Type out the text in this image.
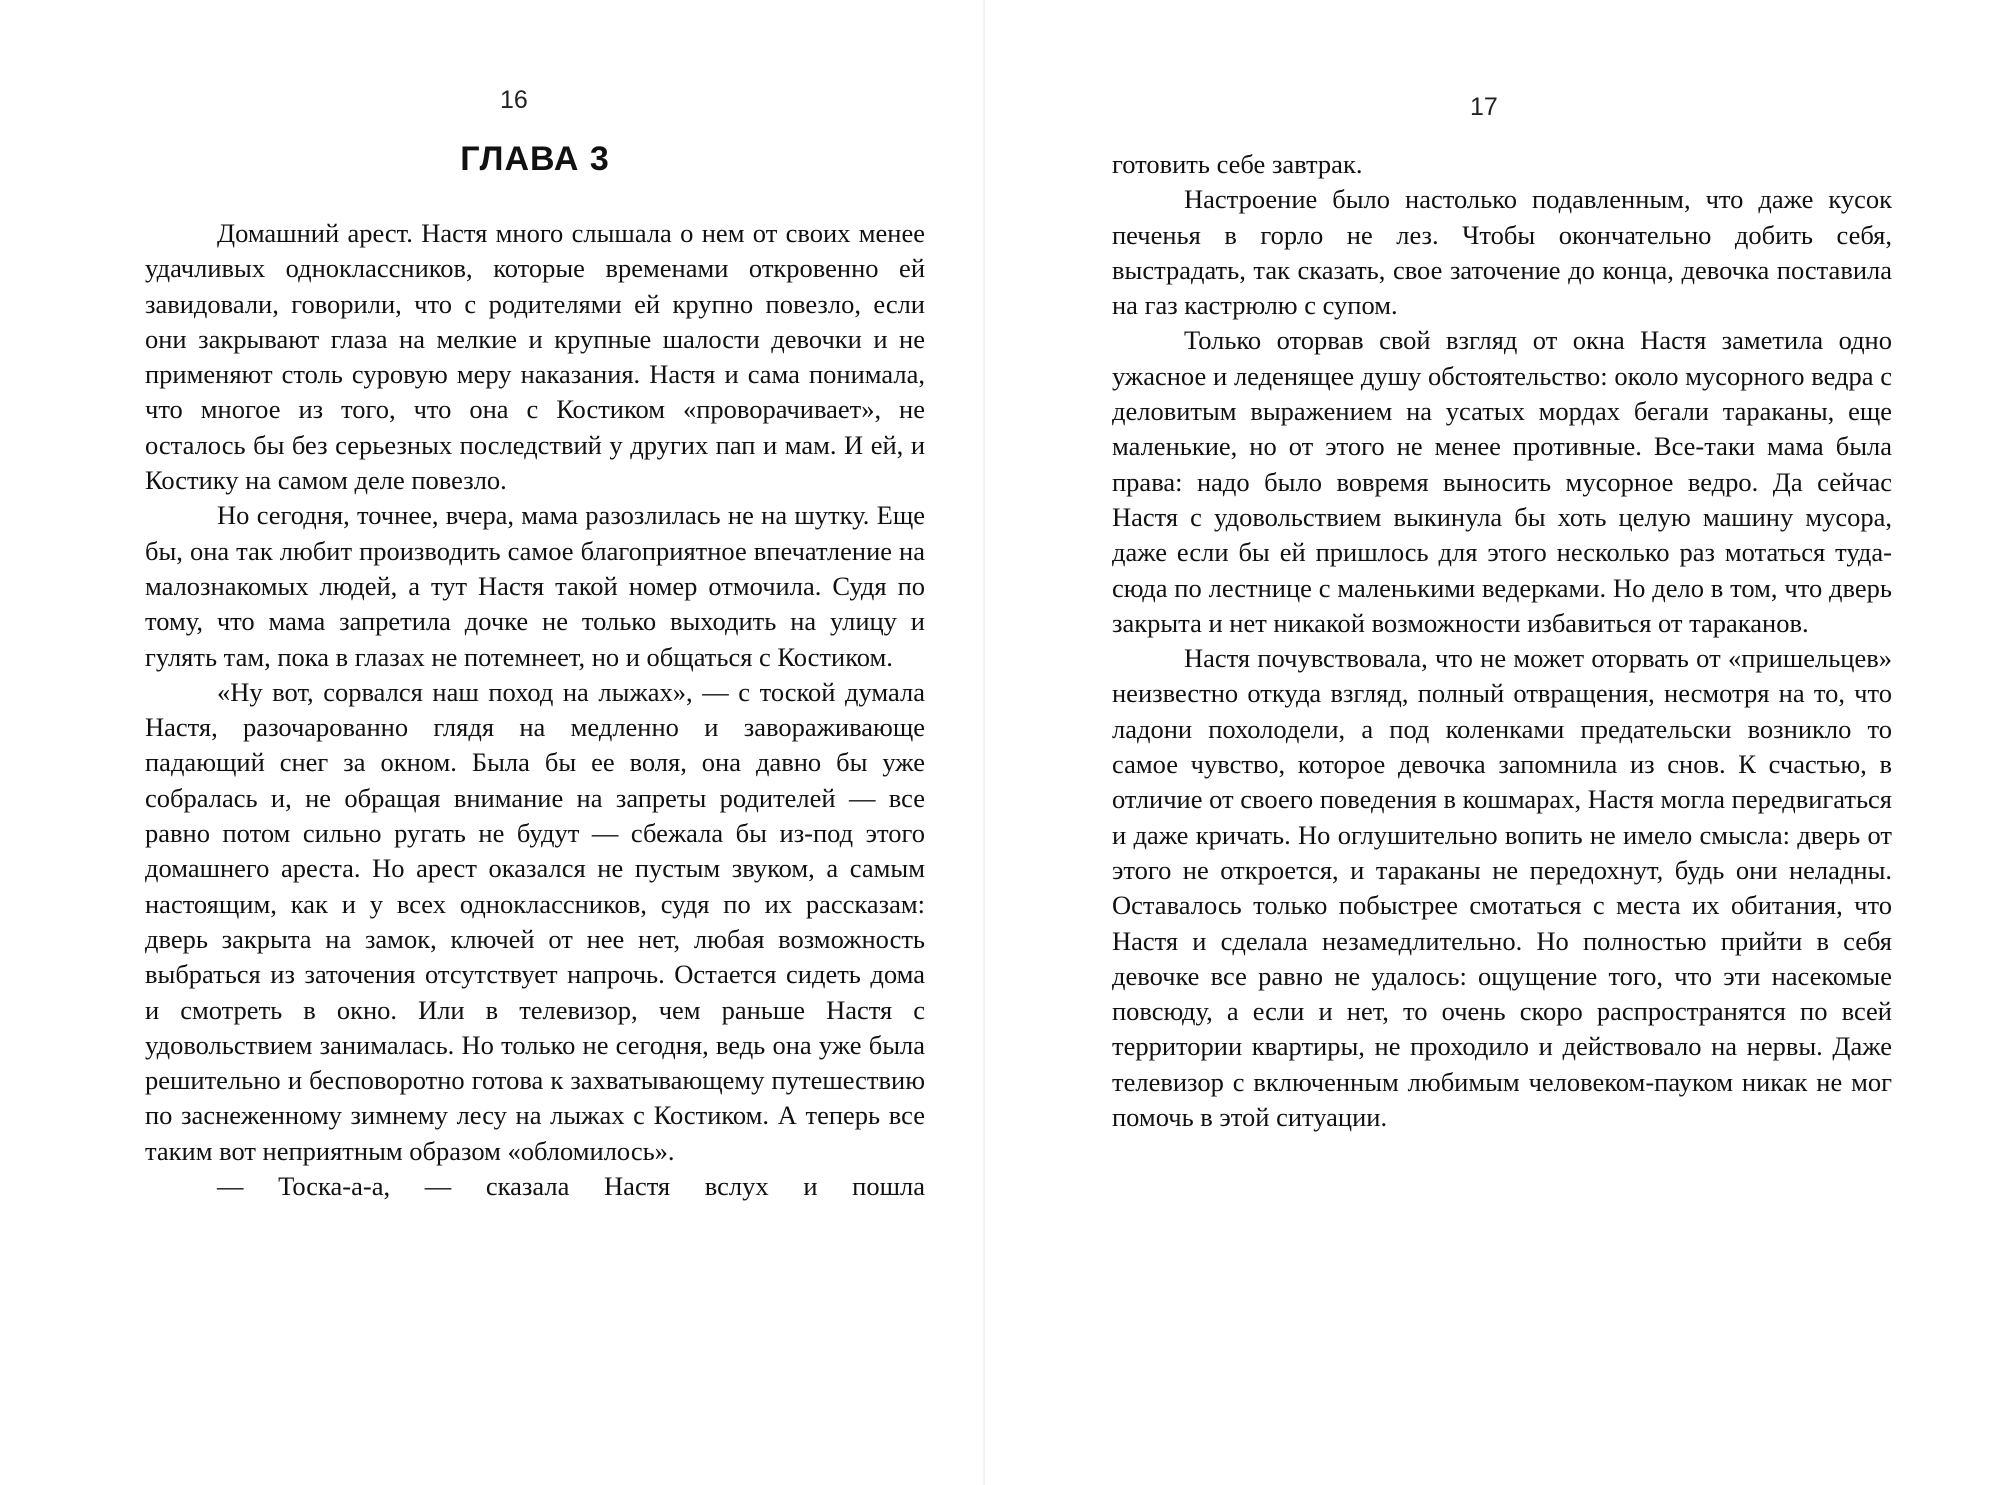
16
ГЛАВА 3

Домашний арест. Настя много слышала о нем от своих менее удачливых одноклассников, которые временами откровенно ей завидовали, говорили, что с родителями ей крупно повезло, если они закрывают глаза на мелкие и крупные шалости девочки и не применяют столь суровую меру наказания. Настя и сама понимала, что многое из того, что она с Костиком «проворачивает», не осталось бы без серьезных последствий у других пап и мам. И ей, и Костику на самом деле повезло.

Но сегодня, точнее, вчера, мама разозлилась не на шутку. Еще бы, она так любит производить самое благоприятное впечатление на малознакомых людей, а тут Настя такой номер отмочила. Судя по тому, что мама запретила дочке не только выходить на улицу и гулять там, пока в глазах не потемнеет, но и общаться с Костиком.

«Ну вот, сорвался наш поход на лыжах», — с тоской думала Настя, разочарованно глядя на медленно и завораживающе падающий снег за окном. Была бы ее воля, она давно бы уже собралась и, не обращая внимание на запреты родителей — все равно потом сильно ругать не будут — сбежала бы из-под этого домашнего ареста. Но арест оказался не пустым звуком, а самым настоящим, как и у всех одноклассников, судя по их рассказам: дверь закрыта на замок, ключей от нее нет, любая возможность выбраться из заточения отсутствует напрочь. Остается сидеть дома и смотреть в окно. Или в телевизор, чем раньше Настя с удовольствием занималась. Но только не сегодня, ведь она уже была решительно и бесповоротно готова к захватывающему путешествию по заснеженному зимнему лесу на лыжах с Костиком. А теперь все таким вот неприятным образом «обломилось».

— Тоска-а-а, — сказала Настя вслух и пошла

17

готовить себе завтрак.

Настроение было настолько подавленным, что даже кусок печенья в горло не лез. Чтобы окончательно добить себя, выстрадать, так сказать, свое заточение до конца, девочка поставила на газ кастрюлю с супом.

Только оторвав свой взгляд от окна Настя заметила одно ужасное и леденящее душу обстоятельство: около мусорного ведра с деловитым выражением на усатых мордах бегали тараканы, еще маленькие, но от этого не менее противные. Все-таки мама была права: надо было вовремя выносить мусорное ведро. Да сейчас Настя с удовольствием выкинула бы хоть целую машину мусора, даже если бы ей пришлось для этого несколько раз мотаться туда-сюда по лестнице с маленькими ведерками. Но дело в том, что дверь закрыта и нет никакой возможности избавиться от тараканов.

Настя почувствовала, что не может оторвать от «пришельцев» неизвестно откуда взгляд, полный отвращения, несмотря на то, что ладони похолодели, а под коленками предательски возникло то самое чувство, которое девочка запомнила из снов. К счастью, в отличие от своего поведения в кошмарах, Настя могла передвигаться и даже кричать. Но оглушительно вопить не имело смысла: дверь от этого не откроется, и тараканы не передохнут, будь они неладны. Оставалось только побыстрее смотаться с места их обитания, что Настя и сделала незамедлительно. Но полностью прийти в себя девочке все равно не удалось: ощущение того, что эти насекомые повсюду, а если и нет, то очень скоро распространятся по всей территории квартиры, не проходило и действовало на нервы. Даже телевизор с включенным любимым человеком-пауком никак не мог помочь в этой ситуации.
